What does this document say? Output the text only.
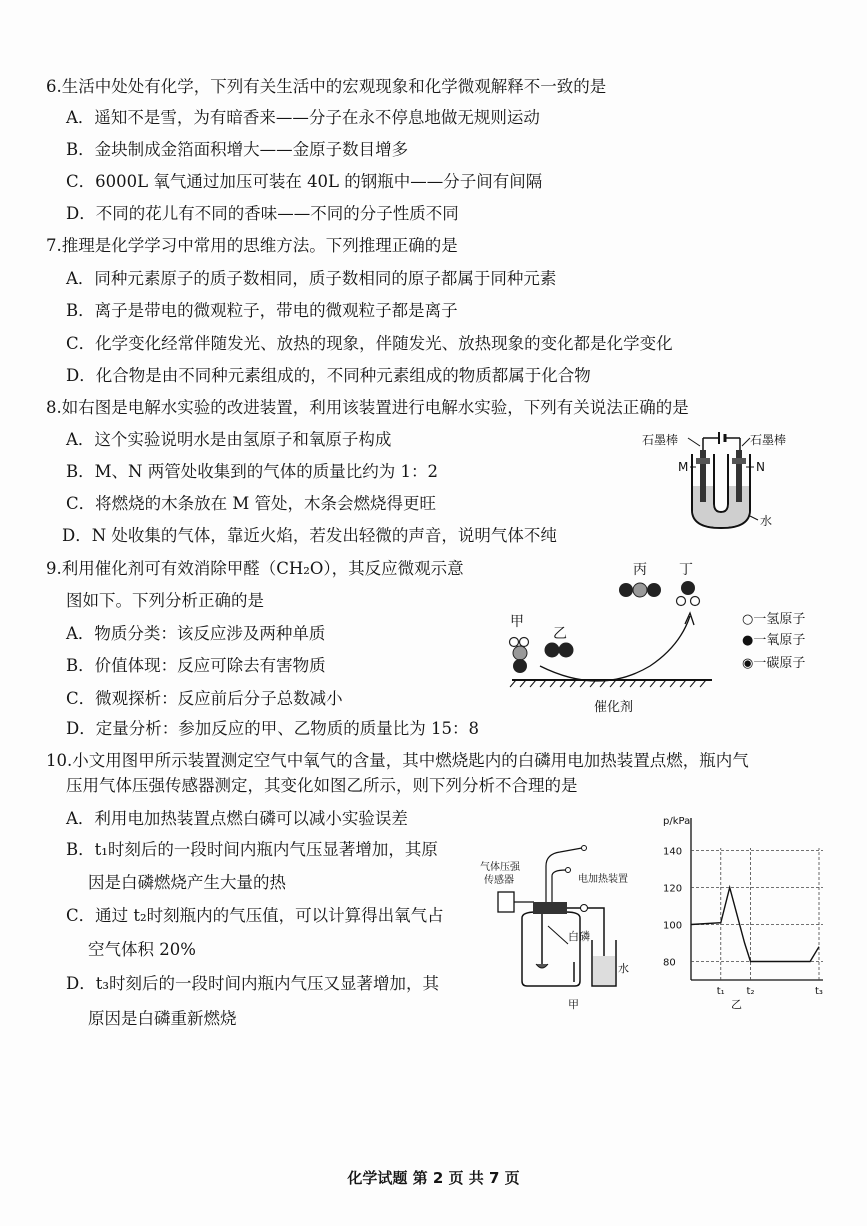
6.生活中处处有化学，下列有关生活中的宏观现象和化学微观解释不一致的是
A．遥知不是雪，为有暗香来——分子在永不停息地做无规则运动
B．金块制成金箔面积增大——金原子数目增多
C．6000L 氧气通过加压可装在 40L 的钢瓶中——分子间有间隔
D．不同的花儿有不同的香味——不同的分子性质不同
7.推理是化学学习中常用的思维方法。下列推理正确的是
A．同种元素原子的质子数相同，质子数相同的原子都属于同种元素
B．离子是带电的微观粒子，带电的微观粒子都是离子
C．化学变化经常伴随发光、放热的现象，伴随发光、放热现象的变化都是化学变化
D．化合物是由不同种元素组成的，不同种元素组成的物质都属于化合物
8.如右图是电解水实验的改进装置，利用该装置进行电解水实验，下列有关说法正确的是
A．这个实验说明水是由氢原子和氧原子构成
B．M、N 两管处收集到的气体的质量比约为 1：2
C．将燃烧的木条放在 M 管处，木条会燃烧得更旺
D．N 处收集的气体，靠近火焰，若发出轻微的声音，说明气体不纯
石墨棒	石墨棒
M	N
水
9.利用催化剂可有效消除甲醛（CH₂O），其反应微观示意
图如下。下列分析正确的是
A．物质分类：该反应涉及两种单质
B．价值体现：反应可除去有害物质
C．微观探析：反应前后分子总数减小
D．定量分析：参加反应的甲、乙物质的质量比为 15：8
丙 丁
○一氢原子
●一氧原子
◉一碳原子
甲
乙
催化剂
10.小文用图甲所示装置测定空气中氧气的含量，其中燃烧匙内的白磷用电加热装置点燃，瓶内气
压用气体压强传感器测定，其变化如图乙所示，则下列分析不合理的是
A．利用电加热装置点燃白磷可以减小实验误差
B．t₁时刻后的一段时间内瓶内气压显著增加，其原
因是白磷燃烧产生大量的热
C．通过 t₂时刻瓶内的气压值，可以计算得出氧气占
空气体积 20%
D．t₃时刻后的一段时间内瓶内气压又显著增加，其
原因是白磷重新燃烧
气体压强
传感器	电加热装置
白磷
水
甲
p/kPa
乙
140
120
100
80
t₁ t₂	t₃
化学试题 第 2 页 共 7 页
